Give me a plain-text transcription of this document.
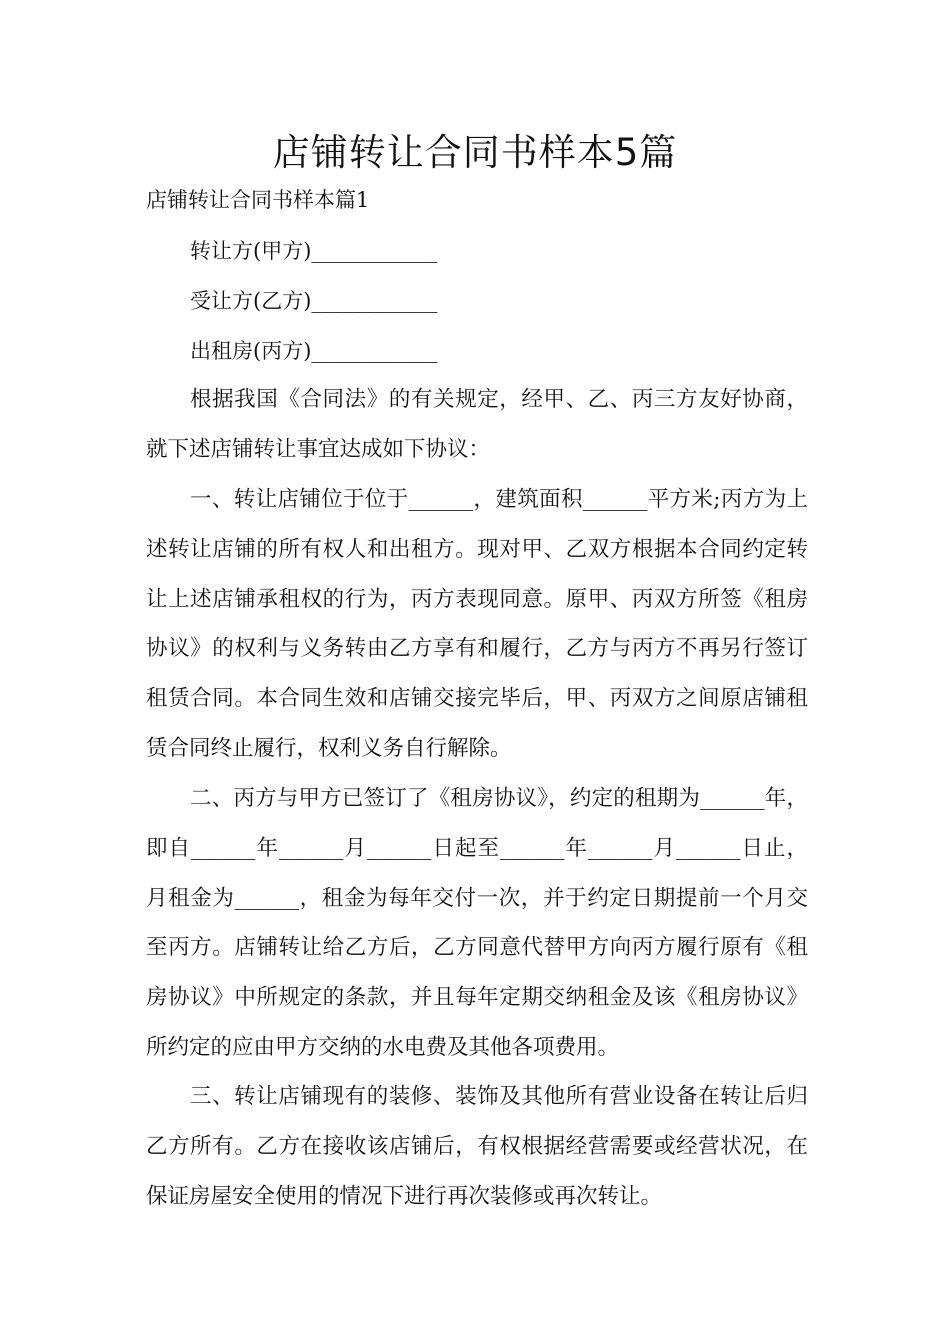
店铺转让合同书样本5篇

店铺转让合同书样本篇1

转让方(甲方)____________
受让方(乙方)____________
出租房(丙方)____________

根据我国《合同法》的有关规定，经甲、乙、丙三方友好协商，就下述店铺转让事宜达成如下协议：

一、转让店铺位于位于______，建筑面积______平方米;丙方为上述转让店铺的所有权人和出租方。现对甲、乙双方根据本合同约定转让上述店铺承租权的行为，丙方表现同意。原甲、丙双方所签《租房协议》的权利与义务转由乙方享有和履行，乙方与丙方不再另行签订租赁合同。本合同生效和店铺交接完毕后，甲、丙双方之间原店铺租赁合同终止履行，权利义务自行解除。

二、丙方与甲方已签订了《租房协议》，约定的租期为______年，即自______年______月______日起至______年______月______日止，月租金为______，租金为每年交付一次，并于约定日期提前一个月交至丙方。店铺转让给乙方后，乙方同意代替甲方向丙方履行原有《租房协议》中所规定的条款，并且每年定期交纳租金及该《租房协议》所约定的应由甲方交纳的水电费及其他各项费用。

三、转让店铺现有的装修、装饰及其他所有营业设备在转让后归乙方所有。乙方在接收该店铺后，有权根据经营需要或经营状况，在保证房屋安全使用的情况下进行再次装修或再次转让。
